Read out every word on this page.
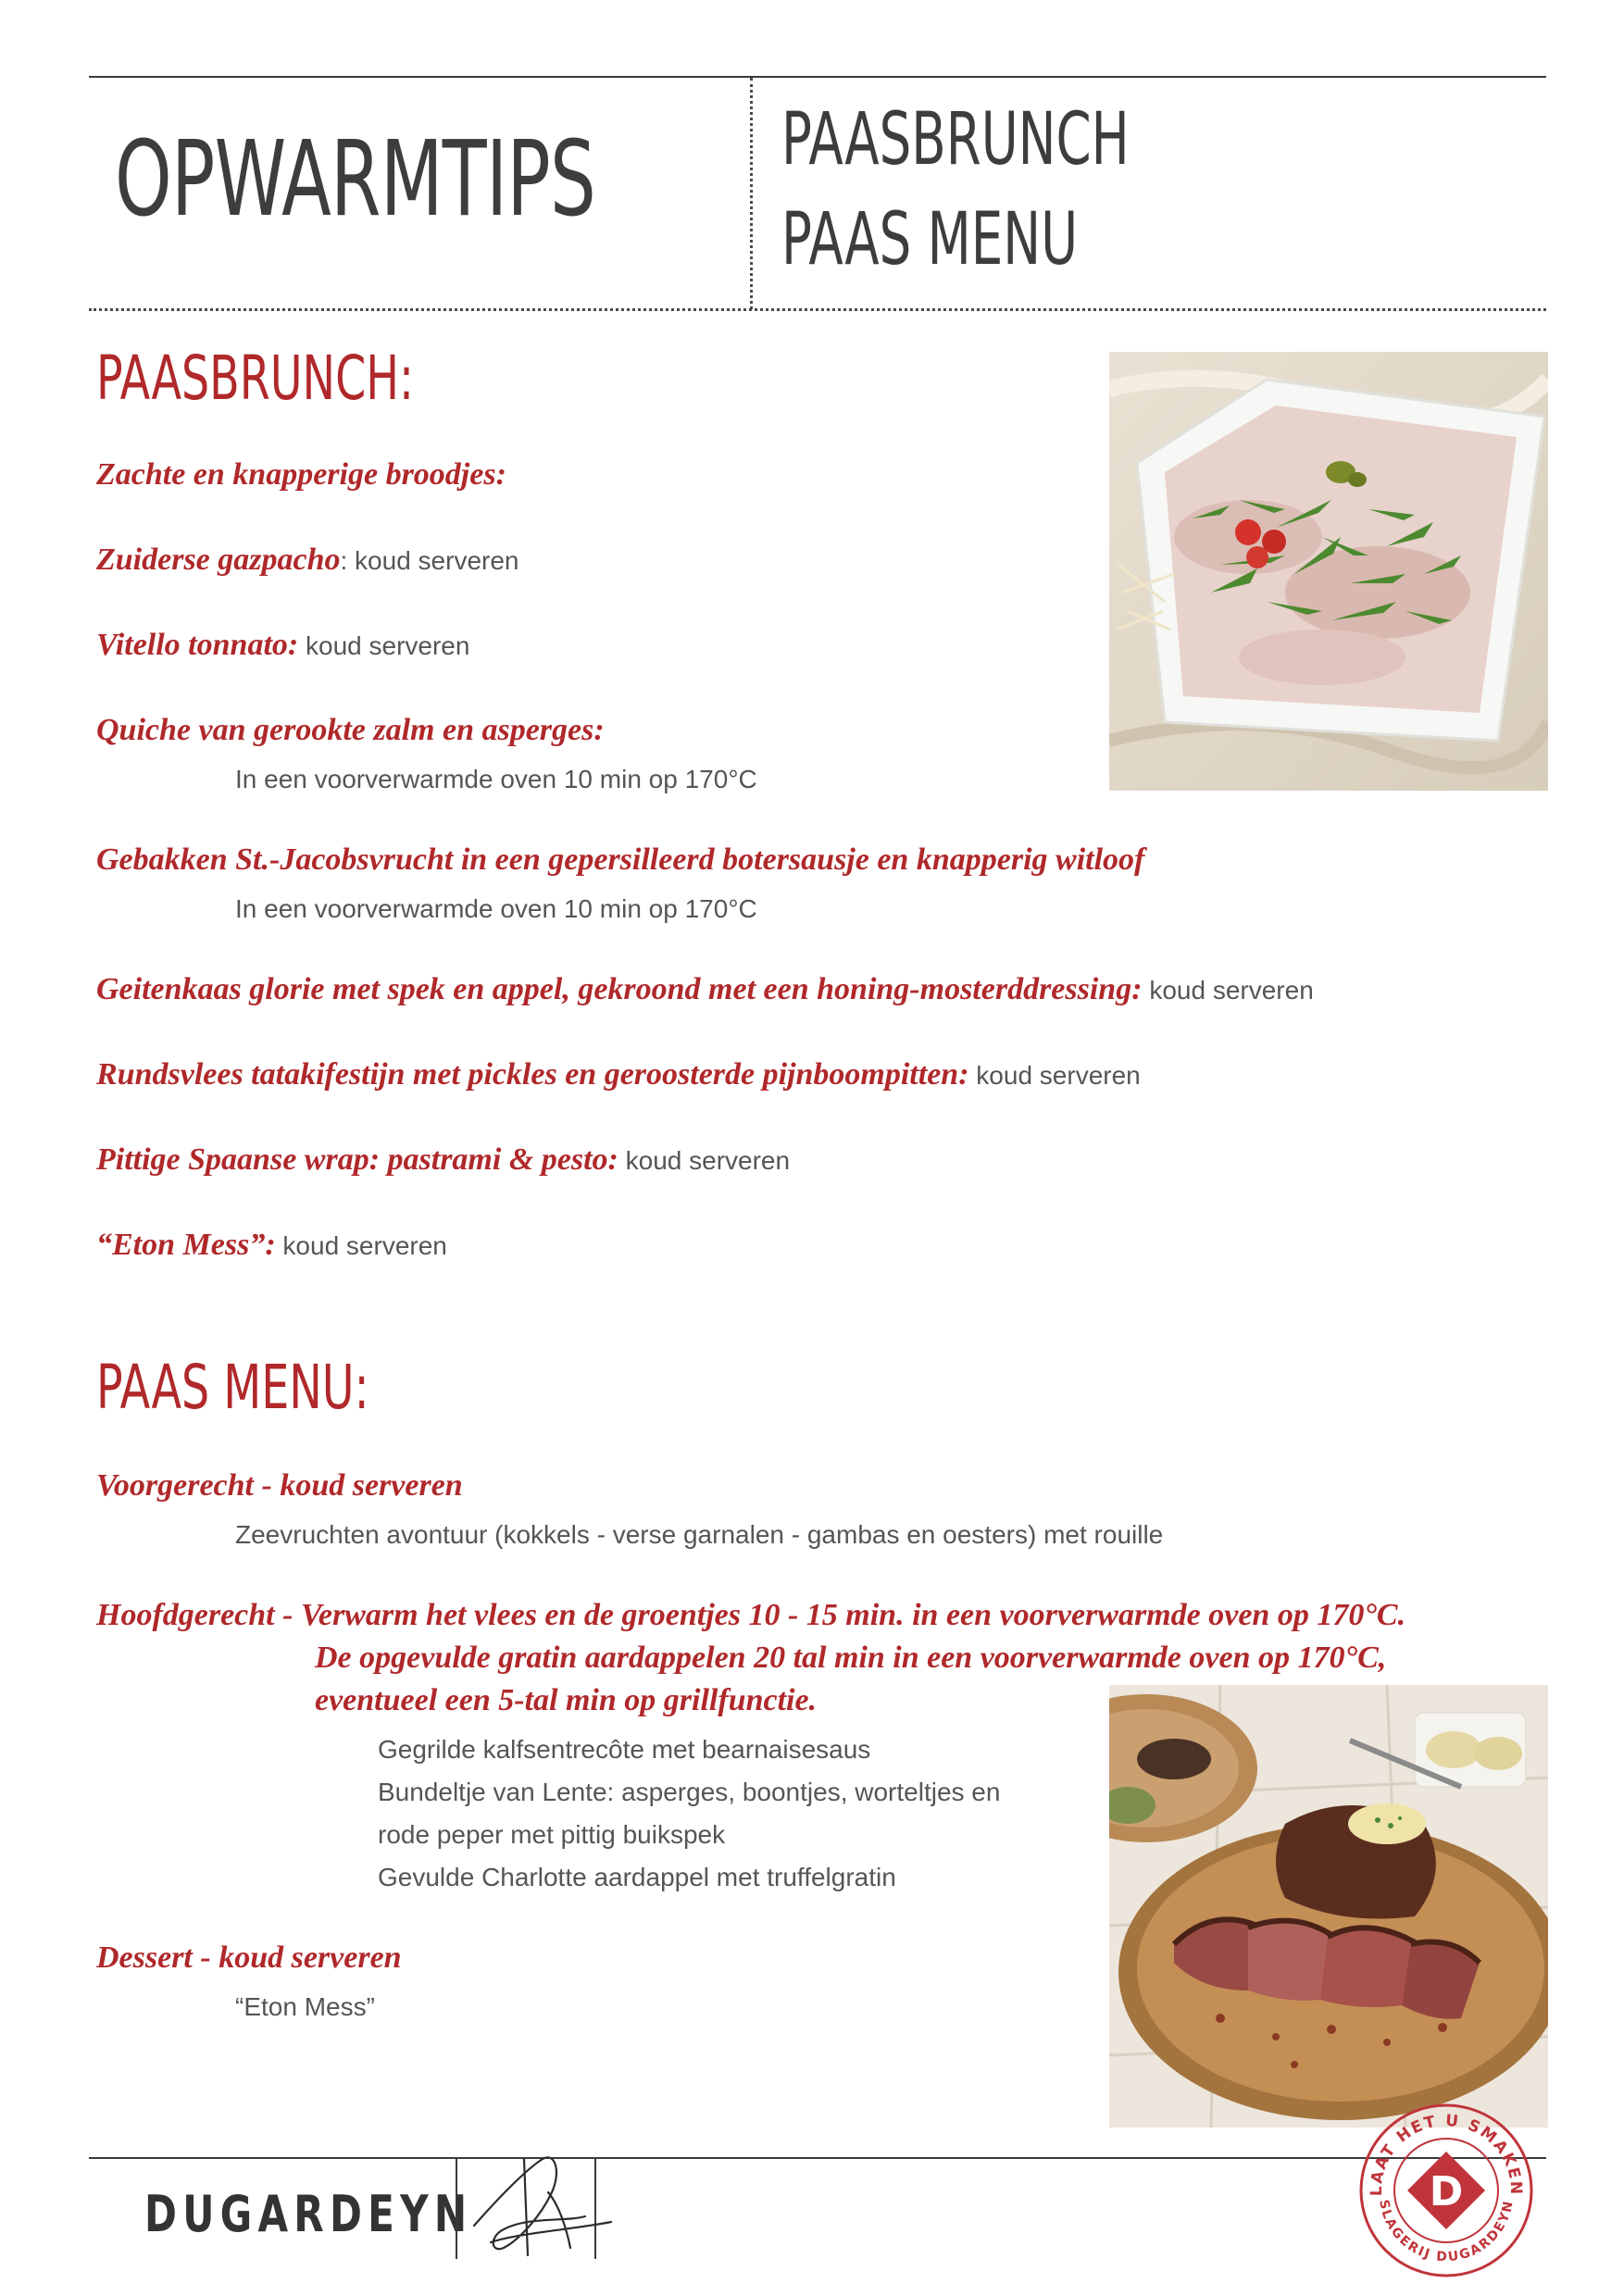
OPWARMTIPS	PAASBRUNCH
PAAS MENU
PAASBRUNCH:
Zachte en knapperige broodjes:
Zuiderse gazpacho: koud serveren
Vitello tonnato: koud serveren
Quiche van gerookte zalm en asperges:
In een voorverwarmde oven 10 min op 170°C
Gebakken St.-Jacobsvrucht in een gepersilleerd botersausje en knapperig witloof
In een voorverwarmde oven 10 min op 170°C
Geitenkaas glorie met spek en appel, gekroond met een honing-mosterddressing: koud serveren
Rundsvlees tatakifestijn met pickles en geroosterde pijnboompitten: koud serveren
Pittige Spaanse wrap: pastrami & pesto: koud serveren
“Eton Mess”: koud serveren
PAAS MENU:
Voorgerecht - koud serveren
Zeevruchten avontuur (kokkels - verse garnalen - gambas en oesters) met rouille
Hoofdgerecht - Verwarm het vlees en de groentjes 10 - 15 min. in een voorverwarmde oven op 170°C.
De opgevulde gratin aardappelen 20 tal min in een voorverwarmde oven op 170°C,
eventueel een 5-tal min op grillfunctie.
Gegrilde kalfsentrecôte met bearnaisesaus
Bundeltje van Lente: asperges, boontjes, worteltjes en
rode peper met pittig buikspek
Gevulde Charlotte aardappel met truffelgratin
Dessert - koud serveren
“Eton Mess”
DUGARDEYN	LAAT HET U SMAKEN
SLAGERIJ DUGARDEYN
D
